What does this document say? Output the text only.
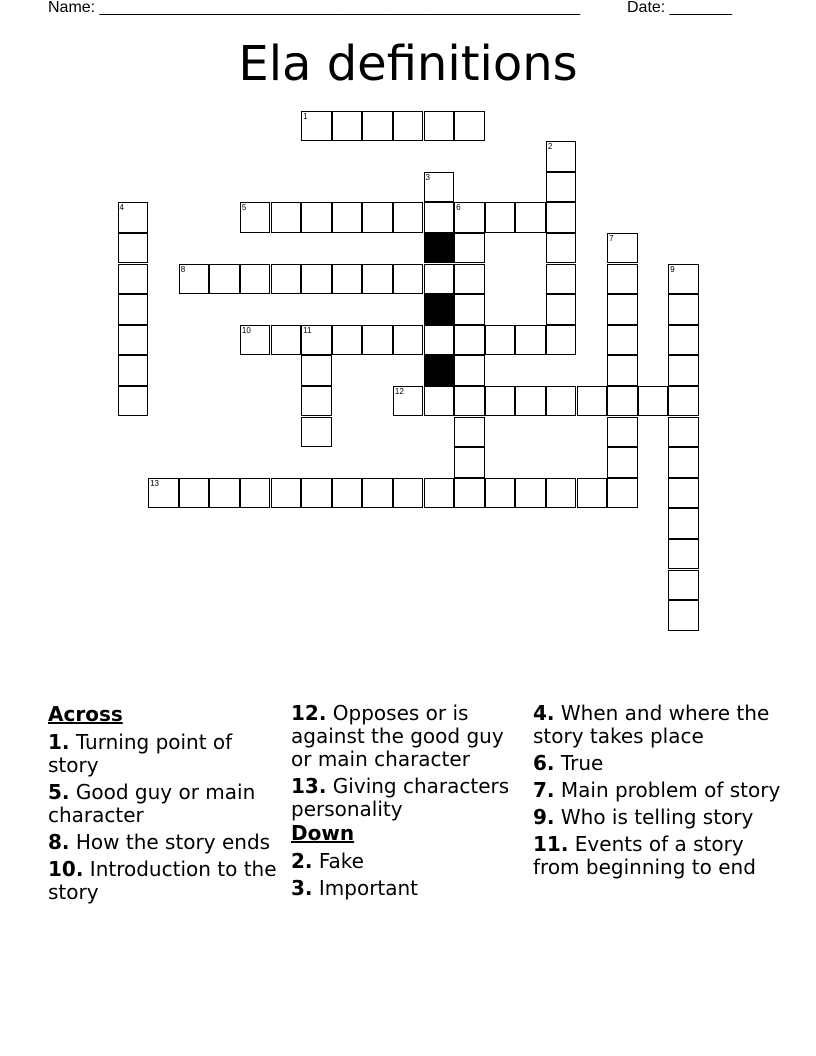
Name: ______________________________________________________	Date: _______
Ela definitions
1
5	6
8
10	11
12
13
2
3
4
7
9
Across
1. Turning point of story
5. Good guy or main character
8. How the story ends
10. Introduction to the story
12. Opposes or is against the good guy or main character
13. Giving characters personality
Down
2. Fake
3. Important
4. When and where the story takes place
6. True
7. Main problem of story
9. Who is telling story
11. Events of a story from beginning to end
